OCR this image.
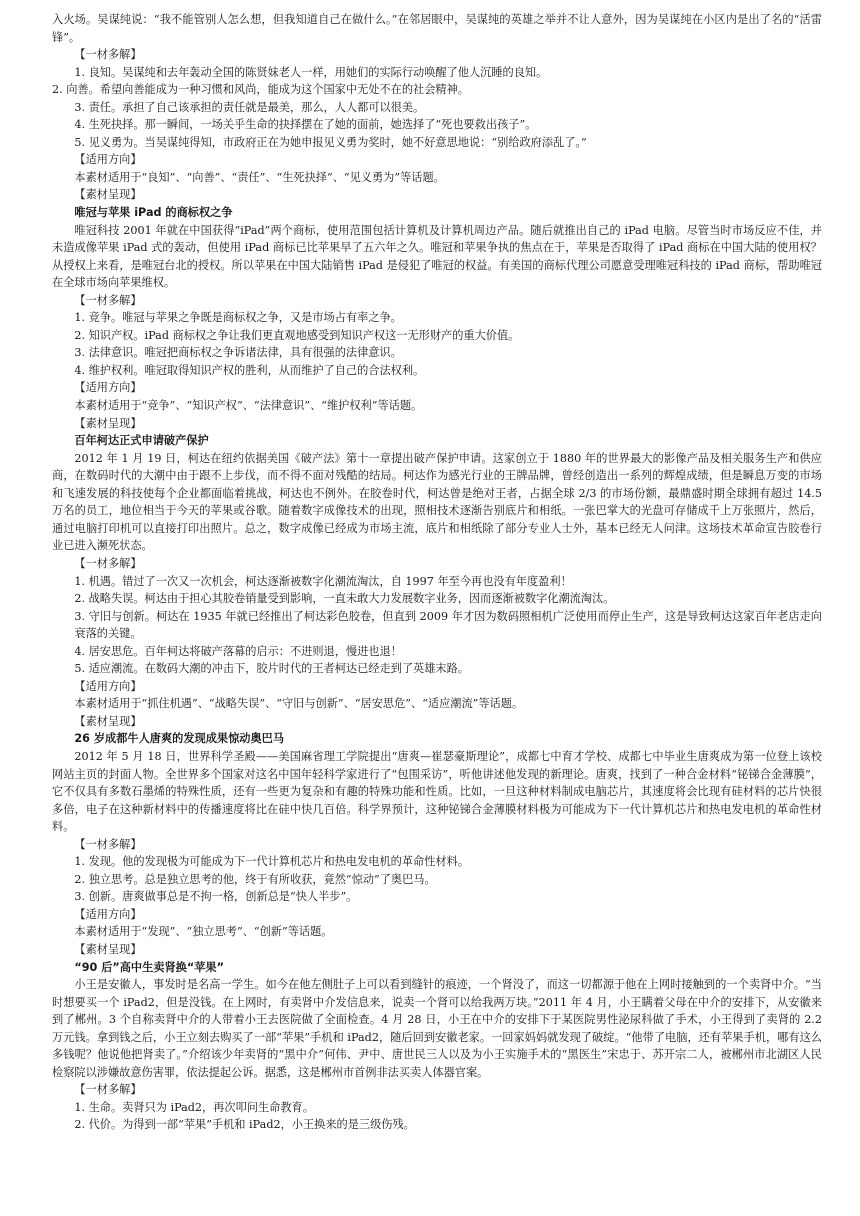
入火场。吴谋纯说：“我不能管别人怎么想，但我知道自己在做什么。”在邻居眼中，吴谋纯的英雄之举并不让人意外，因为吴谋纯在小区内是出了名的“活雷锋”。
【一材多解】
1. 良知。吴谋纯和去年轰动全国的陈贤妹老人一样，用她们的实际行动唤醒了他人沉睡的良知。
2. 向善。希望向善能成为一种习惯和风尚，能成为这个国家中无处不在的社会精神。
3. 责任。承担了自己该承担的责任就是最美，那么，人人都可以很美。
4. 生死抉择。那一瞬间，一场关乎生命的抉择摆在了她的面前，她选择了“死也要救出孩子”。
5. 见义勇为。当吴谋纯得知，市政府正在为她申报见义勇为奖时，她不好意思地说：“别给政府添乱了。”
【适用方向】
本素材适用于“良知”、“向善”、“责任”、“生死抉择”、“见义勇为”等话题。
【素材呈现】
唯冠与苹果 iPad 的商标权之争
唯冠科技 2001 年就在中国获得“iPad”两个商标，使用范围包括计算机及计算机周边产品。随后就推出自己的 iPad 电脑。尽管当时市场反应不佳，并未造成像苹果 iPad 式的轰动，但使用 iPad 商标已比苹果早了五六年之久。唯冠和苹果争执的焦点在于，苹果是否取得了 iPad 商标在中国大陆的使用权？从授权上来看，是唯冠台北的授权。所以苹果在中国大陆销售 iPad 是侵犯了唯冠的权益。有美国的商标代理公司愿意受理唯冠科技的 iPad 商标，帮助唯冠在全球市场向苹果维权。
【一材多解】
1. 竞争。唯冠与苹果之争既是商标权之争，又是市场占有率之争。
2. 知识产权。iPad 商标权之争让我们更直观地感受到知识产权这一无形财产的重大价值。
3. 法律意识。唯冠把商标权之争诉诸法律，具有很强的法律意识。
4. 维护权利。唯冠取得知识产权的胜利，从而维护了自己的合法权利。
【适用方向】
本素材适用于“竞争”、“知识产权”、“法律意识”、“维护权利”等话题。
【素材呈现】
百年柯达正式申请破产保护
2012 年 1 月 19 日，柯达在纽约依据美国《破产法》第十一章提出破产保护申请。这家创立于 1880 年的世界最大的影像产品及相关服务生产和供应商，在数码时代的大潮中由于跟不上步伐，而不得不面对残酷的结局。柯达作为感光行业的王牌品牌，曾经创造出一系列的辉煌成绩，但是瞬息万变的市场和飞速发展的科技使每个企业都面临着挑战，柯达也不例外。在胶卷时代，柯达曾是绝对王者，占据全球 2/3 的市场份额，最鼎盛时期全球拥有超过 14.5 万名的员工，地位相当于今天的苹果或谷歌。随着数字成像技术的出现，照相技术逐渐告别底片和相纸。一张巴掌大的光盘可存储成千上万张照片，然后，通过电脑打印机可以直接打印出照片。总之，数字成像已经成为市场主流，底片和相纸除了部分专业人士外，基本已经无人问津。这场技术革命宣告胶卷行业已进入濒死状态。
【一材多解】
1. 机遇。错过了一次又一次机会，柯达逐渐被数字化潮流淘汰，自 1997 年至今再也没有年度盈利！
2. 战略失误。柯达由于担心其胶卷销量受到影响，一直未敢大力发展数字业务，因而逐渐被数字化潮流淘汰。
3. 守旧与创新。柯达在 1935 年就已经推出了柯达彩色胶卷，但直到 2009 年才因为数码照相机广泛使用而停止生产，这是导致柯达这家百年老店走向衰落的关键。
4. 居安思危。百年柯达将破产落幕的启示：不进则退，慢进也退！
5. 适应潮流。在数码大潮的冲击下，胶片时代的王者柯达已经走到了英雄末路。
【适用方向】
本素材适用于“抓住机遇”、“战略失误”、“守旧与创新”、“居安思危”、“适应潮流”等话题。
【素材呈现】
26 岁成都牛人唐爽的发现成果惊动奥巴马
2012 年 5 月 18 日，世界科学圣殿——美国麻省理工学院提出“唐爽—崔瑟豪斯理论”，成都七中育才学校、成都七中毕业生唐爽成为第一位登上该校网站主页的封面人物。全世界多个国家对这名中国年轻科学家进行了“包围采访”，听他讲述他发现的新理论。唐爽，找到了一种合金材料“铋锑合金薄膜”，它不仅具有多数石墨烯的特殊性质，还有一些更为复杂和有趣的特殊功能和性质。比如，一旦这种材料制成电脑芯片，其速度将会比现有硅材料的芯片快很多倍，电子在这种新材料中的传播速度将比在硅中快几百倍。科学界预计，这种铋锑合金薄膜材料极为可能成为下一代计算机芯片和热电发电机的革命性材料。
【一材多解】
1. 发现。他的发现极为可能成为下一代计算机芯片和热电发电机的革命性材料。
2. 独立思考。总是独立思考的他，终于有所收获，竟然“惊动”了奥巴马。
3. 创新。唐爽做事总是不拘一格，创新总是“快人半步”。
【适用方向】
本素材适用于“发现”、“独立思考”、“创新”等话题。
【素材呈现】
“90 后”高中生卖肾换“苹果”
小王是安徽人，事发时是名高一学生。如今在他左侧肚子上可以看到缝针的痕迹，一个肾没了，而这一切都源于他在上网时接触到的一个卖肾中介。“当时想要买一个 iPad2，但是没钱。在上网时，有卖肾中介发信息来，说卖一个肾可以给我两万块。”2011 年 4 月，小王瞒着父母在中介的安排下，从安徽来到了郴州。3 个自称卖肾中介的人带着小王去医院做了全面检查。4 月 28 日，小王在中介的安排下于某医院男性泌尿科做了手术，小王得到了卖肾的 2.2 万元钱。拿到钱之后，小王立刻去购买了一部“苹果”手机和 iPad2，随后回到安徽老家。一回家妈妈就发现了破绽。“他带了电脑，还有苹果手机，哪有这么多钱呢？他说他把肾卖了。”介绍该少年卖肾的“黑中介”何伟、尹中、唐世民三人以及为小王实施手术的“黑医生”宋忠于、苏开宗二人，被郴州市北湖区人民检察院以涉嫌故意伤害罪，依法提起公诉。据悉，这是郴州市首例非法买卖人体器官案。
【一材多解】
1. 生命。卖肾只为 iPad2，再次叩问生命教育。
2. 代价。为得到一部“苹果”手机和 iPad2，小王换来的是三级伤残。
